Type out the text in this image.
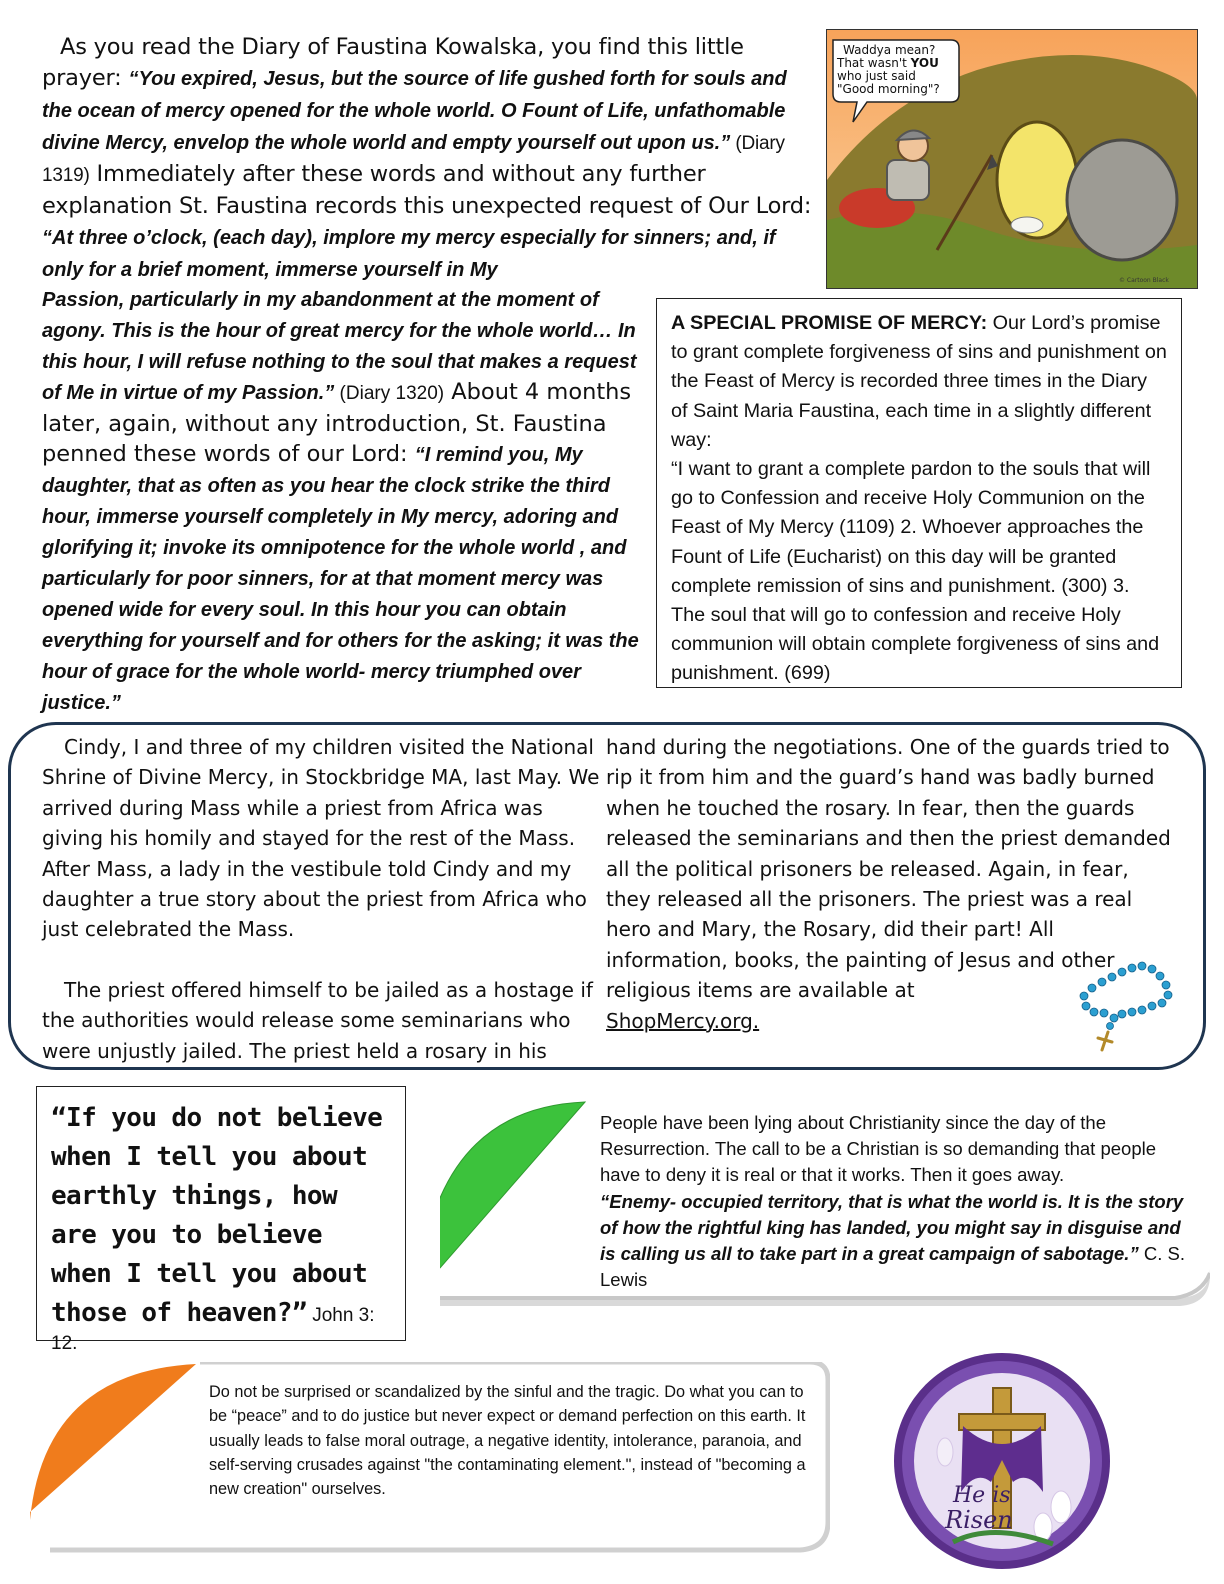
As you read the Diary of Faustina Kowalska, you find this little
prayer: “You expired, Jesus, but the source of life gushed forth for souls and the ocean of mercy opened for the whole world. O Fount of Life, unfathomable divine Mercy, envelop the whole world and empty yourself out upon us.” (Diary 1319) Immediately after these words and without any further explanation St. Faustina records this unexpected request of Our Lord: “At three o’clock, (each day), implore my mercy especially for sinners; and, if only for a brief moment, immerse yourself in My
Passion, particularly in my abandonment at the moment of agony. This is the hour of great mercy for the whole world… In this hour, I will refuse nothing to the soul that makes a request of Me in virtue of my Passion.” (Diary 1320) About 4 months later, again, without any introduction, St. Faustina penned these words of our Lord: “I remind you, My daughter, that as often as you hear the clock strike the third hour, immerse yourself completely in My mercy, adoring and glorifying it; invoke its omnipotence for the whole world , and particularly for poor sinners, for at that moment mercy was opened wide for every soul. In this hour you can obtain everything for yourself and for others for the asking; it was the hour of grace for the whole world- mercy triumphed over justice.”
Waddya mean?
That wasn't YOU
who just said
"Good morning"?
© Cartoon Black
A SPECIAL PROMISE OF MERCY: Our Lord’s promise to grant complete forgiveness of sins and punishment on the Feast of Mercy is recorded three times in the Diary of Saint Maria Faustina, each time in a slightly different way:
“I want to grant a complete pardon to the souls that will go to Confession and receive Holy Communion on the Feast of My Mercy (1109) 2. Whoever approaches the Fount of Life (Eucharist) on this day will be granted complete remission of sins and punishment. (300) 3. The soul that will go to confession and receive Holy communion will obtain complete forgiveness of sins and punishment. (699)
Cindy, I and three of my children visited the National Shrine of Divine Mercy, in Stockbridge MA, last May. We arrived during Mass while a priest from Africa was giving his homily and stayed for the rest of the Mass. After Mass, a lady in the vestibule told Cindy and my daughter a true story about the priest from Africa who just celebrated the Mass.
The priest offered himself to be jailed as a hostage if the authorities would release some seminarians who were unjustly jailed. The priest held a rosary in his
hand during the negotiations. One of the guards tried to rip it from him and the guard’s hand was badly burned when he touched the rosary. In fear, then the guards released the seminarians and then the priest demanded all the political prisoners be released. Again, in fear, they released all the prisoners. The priest was a real hero and Mary, the Rosary, did their part! All information, books, the painting of Jesus and other religious items are available at
ShopMercy.org.
“If you do not believe when I tell you about earthly things, how are you to believe when I tell you about those of heaven?” John 3: 12.
People have been lying about Christianity since the day of the Resurrection. The call to be a Christian is so demanding that people have to deny it is real or that it works. Then it goes away.
“Enemy- occupied territory, that is what the world is. It is the story of how the rightful king has landed, you might say in disguise and is calling us all to take part in a great campaign of sabotage.” C. S. Lewis
Do not be surprised or scandalized by the sinful and the tragic. Do what you can to be “peace” and to do justice but never expect or demand perfection on this earth. It usually leads to false moral outrage, a negative identity, intolerance, paranoia, and self-serving crusades against "the contaminating element.", instead of "becoming a new creation" ourselves.	He is
Risen
